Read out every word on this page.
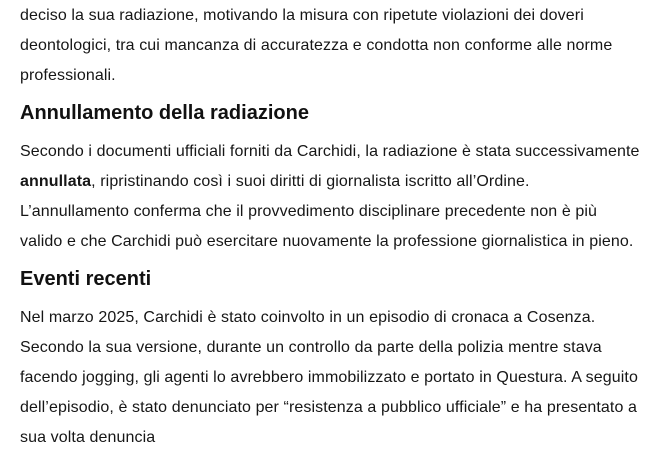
deciso la sua radiazione, motivando la misura con ripetute violazioni dei doveri deontologici, tra cui mancanza di accuratezza e condotta non conforme alle norme professionali.

Annullamento della radiazione

Secondo i documenti ufficiali forniti da Carchidi, la radiazione è stata successivamente annullata, ripristinando così i suoi diritti di giornalista iscritto all’Ordine. L’annullamento conferma che il provvedimento disciplinare precedente non è più valido e che Carchidi può esercitare nuovamente la professione giornalistica in pieno.

Eventi recenti

Nel marzo 2025, Carchidi è stato coinvolto in un episodio di cronaca a Cosenza. Secondo la sua versione, durante un controllo da parte della polizia mentre stava facendo jogging, gli agenti lo avrebbero immobilizzato e portato in Questura. A seguito dell’episodio, è stato denunciato per “resistenza a pubblico ufficiale” e ha presentato a sua volta denuncia
